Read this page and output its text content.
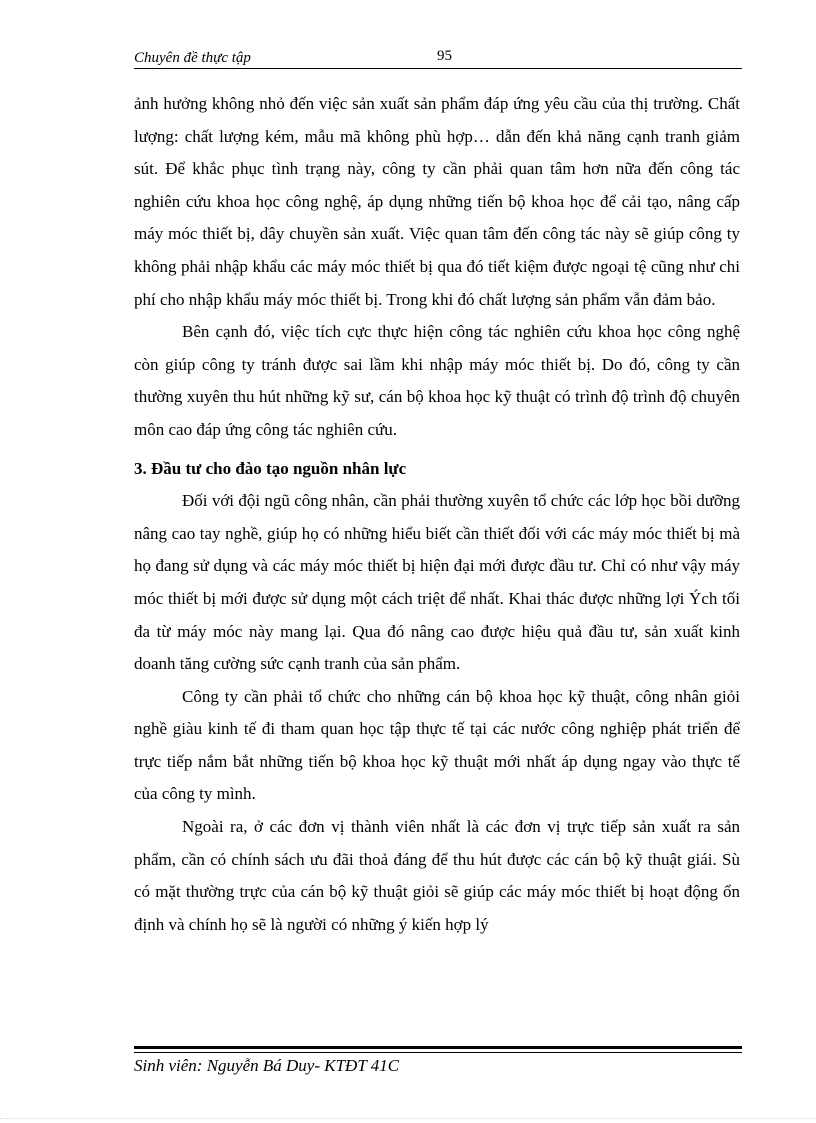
Chuyên đề thực tập	95

ảnh hưởng không nhỏ đến việc sản xuất sản phẩm đáp ứng yêu cầu của thị trường. Chất lượng: chất lượng kém, mẫu mã không phù hợp… dẫn đến khả năng cạnh tranh giảm sút. Để khắc phục tình trạng này, công ty cần phải quan tâm hơn nữa đến công tác nghiên cứu khoa học công nghệ, áp dụng những tiến bộ khoa học để cải tạo, nâng cấp máy móc thiết bị, dây chuyền sản xuất. Việc quan tâm đến công tác này sẽ giúp công ty không phải nhập khẩu các máy móc thiết bị qua đó tiết kiệm được ngoại tệ cũng như chi phí cho nhập khẩu máy móc thiết bị. Trong khi đó chất lượng sản phẩm vẫn đảm bảo.

Bên cạnh đó, việc tích cực thực hiện công tác nghiên cứu khoa học công nghệ còn giúp công ty tránh được sai lầm khi nhập máy móc thiết bị. Do đó, công ty cần thường xuyên thu hút những kỹ sư, cán bộ khoa học kỹ thuật có trình độ trình độ chuyên môn cao đáp ứng công tác nghiên cứu.

3. Đầu tư cho đào tạo nguồn nhân lực

Đối với đội ngũ công nhân, cần phải thường xuyên tổ chức các lớp học bồi dưỡng nâng cao tay nghề, giúp họ có những hiểu biết cần thiết đối với các máy móc thiết bị mà họ đang sử dụng và các máy móc thiết bị hiện đại mới được đầu tư. Chỉ có như vậy máy móc thiết bị mới được sử dụng một cách triệt để nhất. Khai thác được những lợi Ých tối đa từ máy móc này mang lại. Qua đó nâng cao được hiệu quả đầu tư, sản xuất kinh doanh tăng cường sức cạnh tranh của sản phẩm.

Công ty cần phải tổ chức cho những cán bộ khoa học kỹ thuật, công nhân giỏi nghề giàu kinh tế đi tham quan học tập thực tế tại các nước công nghiệp phát triển để trực tiếp nắm bắt những tiến bộ khoa học kỹ thuật mới nhất áp dụng ngay vào thực tế của công ty mình.

Ngoài ra, ở các đơn vị thành viên nhất là các đơn vị trực tiếp sản xuất ra sản phẩm, cần có chính sách ưu đãi thoả đáng để thu hút được các cán bộ kỹ thuật giái. Sù có mặt thường trực của cán bộ kỹ thuật giỏi sẽ giúp các máy móc thiết bị hoạt động ổn định và chính họ sẽ là người có những ý kiến hợp lý

Sinh viên: Nguyễn Bá Duy- KTĐT 41C
